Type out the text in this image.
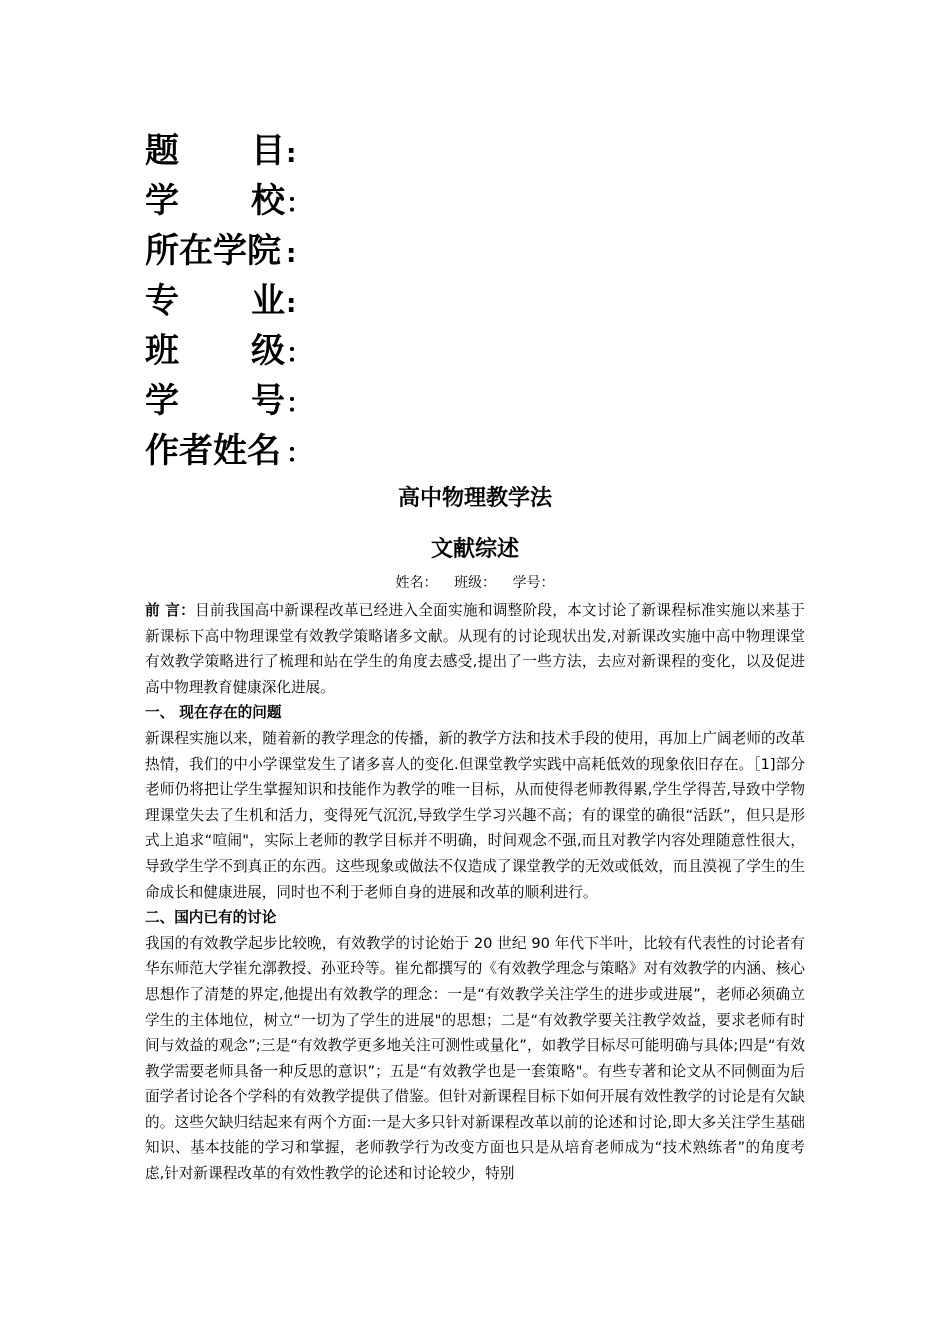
题 目 :
学 校 ：
所在学院 :
专 业 :
班 级 ：
学 号 ：
作者姓名 ：
高中物理教学法
文献综述
姓名： 班级： 学号：

前 言：目前我国高中新课程改革已经进入全面实施和调整阶段，本文讨论了新课程标准实施以来基于新课标下高中物理课堂有效教学策略诸多文献。从现有的讨论现状出发,对新课改实施中高中物理课堂有效教学策略进行了梳理和站在学生的角度去感受,提出了一些方法，去应对新课程的变化，以及促进高中物理教育健康深化进展。

一、 现在存在的问题

新课程实施以来，随着新的教学理念的传播，新的教学方法和技术手段的使用，再加上广阔老师的改革热情，我们的中小学课堂发生了诸多喜人的变化.但课堂教学实践中高耗低效的现象依旧存在。［1]部分老师仍将把让学生掌握知识和技能作为教学的唯一目标，从而使得老师教得累,学生学得苦,导致中学物理课堂失去了生机和活力，变得死气沉沉,导致学生学习兴趣不高；有的课堂的确很“活跃”，但只是形式上追求“喧闹"，实际上老师的教学目标并不明确，时间观念不强,而且对教学内容处理随意性很大，导致学生学不到真正的东西。这些现象或做法不仅造成了课堂教学的无效或低效，而且漠视了学生的生命成长和健康进展，同时也不利于老师自身的进展和改革的顺利进行。

二、国内已有的讨论

我国的有效教学起步比较晚，有效教学的讨论始于 20 世纪 90 年代下半叶，比较有代表性的讨论者有华东师范大学崔允漷教授、孙亚玲等。崔允都撰写的《有效教学理念与策略》对有效教学的内涵、核心思想作了清楚的界定,他提出有效教学的理念：一是“有效教学关注学生的进步或进展”，老师必须确立学生的主体地位，树立“一切为了学生的进展"的思想；二是“有效教学要关注教学效益，要求老师有时间与效益的观念”;三是“有效教学更多地关注可测性或量化”，如教学目标尽可能明确与具体;四是“有效教学需要老师具备一种反思的意识”；五是“有效教学也是一套策略"。有些专著和论文从不同侧面为后面学者讨论各个学科的有效教学提供了借鉴。但针对新课程目标下如何开展有效性教学的讨论是有欠缺的。这些欠缺归结起来有两个方面:一是大多只针对新课程改革以前的论述和讨论,即大多关注学生基础知识、基本技能的学习和掌握，老师教学行为改变方面也只是从培育老师成为“技术熟练者”的角度考虑,针对新课程改革的有效性教学的论述和讨论较少，特别
